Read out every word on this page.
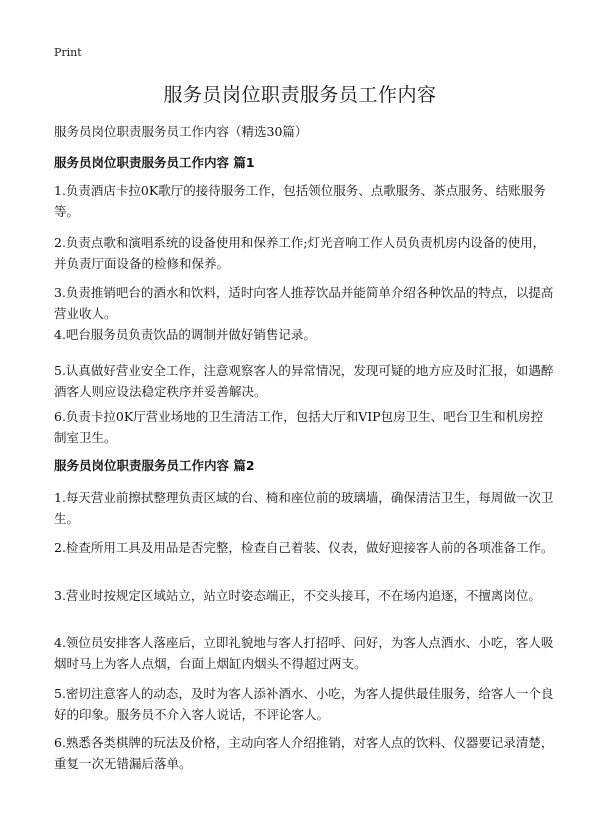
Print
服务员岗位职责服务员工作内容
服务员岗位职责服务员工作内容（精选30篇）
服务员岗位职责服务员工作内容 篇1
1.负责酒店卡拉0K歌厅的接待服务工作，包括领位服务、点歌服务、茶点服务、结账服务等。
2.负责点歌和演唱系统的设备使用和保养工作;灯光音响工作人员负责机房内设备的使用，并负责厅面设备的检修和保养。
3.负责推销吧台的酒水和饮料，适时向客人推荐饮品并能简单介绍各种饮品的特点，以提高营业收人。
4.吧台服务员负责饮品的调制并做好销售记录。
5.认真做好营业安全工作，注意观察客人的异常情况，发现可疑的地方应及时汇报，如遇醉酒客人则应设法稳定秩序并妥善解决。
6.负责卡拉0K厅营业场地的卫生清洁工作，包括大厅和VIP包房卫生、吧台卫生和机房控制室卫生。
服务员岗位职责服务员工作内容 篇2
1.每天营业前擦拭整理负责区域的台、椅和座位前的玻璃墙，确保清洁卫生，每周做一次卫生。
2.检查所用工具及用品是否完整，检查自己着装、仪表，做好迎接客人前的各项准备工作。
3.营业时按规定区域站立，站立时姿态端正，不交头接耳，不在场内追逐，不擅离岗位。
4.领位员安排客人落座后，立即礼貌地与客人打招呼、问好，为客人点酒水、小吃，客人吸烟时马上为客人点烟，台面上烟缸内烟头不得超过两支。
5.密切注意客人的动态，及时为客人添补酒水、小吃，为客人提供最佳服务，给客人一个良好的印象。服务员不介入客人说话，不评论客人。
6.熟悉各类棋牌的玩法及价格，主动向客人介绍推销，对客人点的饮料、仪器要记录清楚，重复一次无错漏后落单。
